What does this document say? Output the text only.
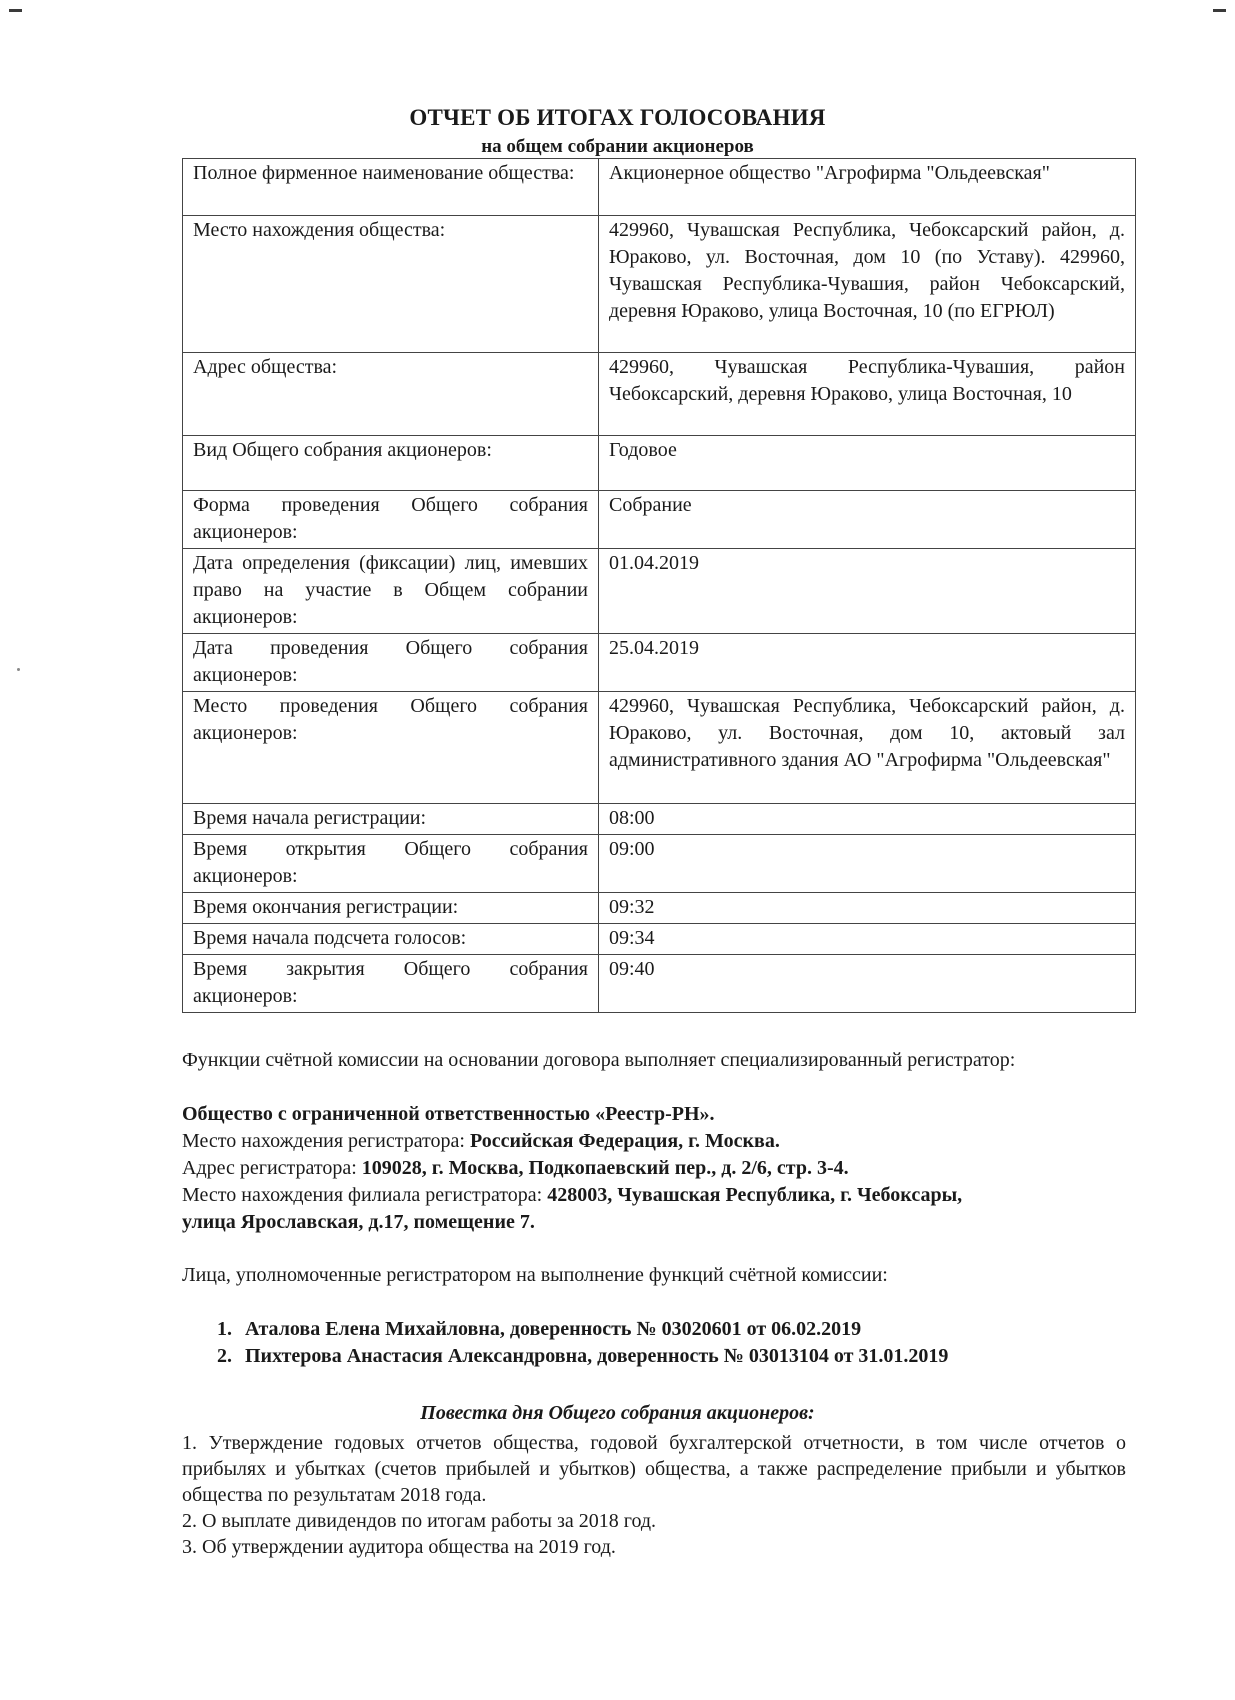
ОТЧЕТ ОБ ИТОГАХ ГОЛОСОВАНИЯ
на общем собрании акционеров
Полное фирменное наименование общества:	Акционерное общество "Агрофирма "Ольдеевская"
Место нахождения общества:	429960, Чувашская Республика, Чебоксарский район, д. Юраково, ул. Восточная, дом 10 (по Уставу). 429960, Чувашская Республика-Чувашия, район Чебоксарский, деревня Юраково, улица Восточная, 10 (по ЕГРЮЛ)
Адрес общества:	429960, Чувашская Республика-Чувашия, район Чебоксарский, деревня Юраково, улица Восточная, 10
Вид Общего собрания акционеров:	Годовое
Форма проведения Общего собрания акционеров:	Собрание
Дата определения (фиксации) лиц, имевших право на участие в Общем собрании акционеров:	01.04.2019
Дата проведения Общего собрания акционеров:	25.04.2019
Место проведения Общего собрания акционеров:	429960, Чувашская Республика, Чебоксарский район, д. Юраково, ул. Восточная, дом 10, актовый зал административного здания АО "Агрофирма "Ольдеевская"
Время начала регистрации:	08:00
Время открытия Общего собрания акционеров:	09:00
Время окончания регистрации:	09:32
Время начала подсчета голосов:	09:34
Время закрытия Общего собрания акционеров:	09:40
Функции счётной комиссии на основании договора выполняет специализированный регистратор:
Общество с ограниченной ответственностью «Реестр-РН».
Место нахождения регистратора: Российская Федерация, г. Москва.
Адрес регистратора: 109028, г. Москва, Подкопаевский пер., д. 2/6, стр. 3-4.
Место нахождения филиала регистратора: 428003, Чувашская Республика, г. Чебоксары, улица Ярославская, д.17, помещение 7.
Лица, уполномоченные регистратором на выполнение функций счётной комиссии:
1. Аталова Елена Михайловна, доверенность № 03020601 от 06.02.2019
2. Пихтерова Анастасия Александровна, доверенность № 03013104 от 31.01.2019
Повестка дня Общего собрания акционеров:

1. Утверждение годовых отчетов общества, годовой бухгалтерской отчетности, в том числе отчетов о прибылях и убытках (счетов прибылей и убытков) общества, а также распределение прибыли и убытков общества по результатам 2018 года.

2. О выплате дивидендов по итогам работы за 2018 год.

3. Об утверждении аудитора общества на 2019 год.
